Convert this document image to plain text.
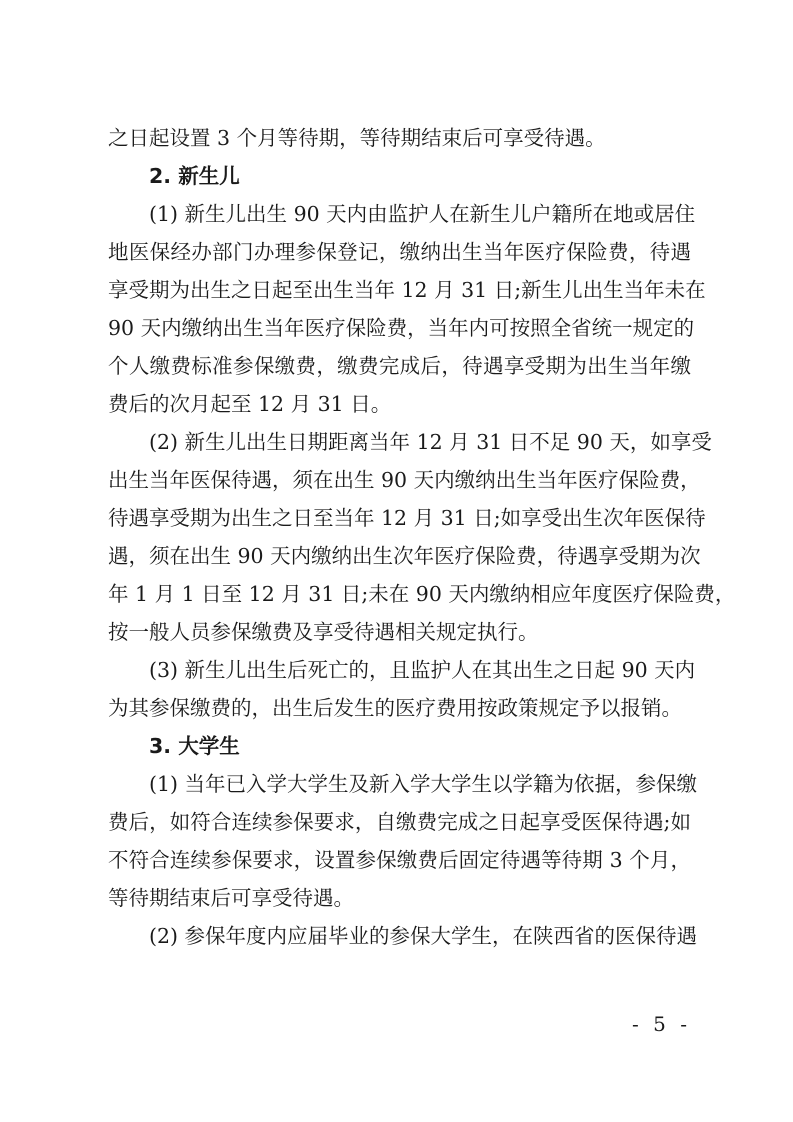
之日起设置 3 个月等待期，等待期结束后可享受待遇。
2. 新生儿
(1) 新生儿出生 90 天内由监护人在新生儿户籍所在地或居住
地医保经办部门办理参保登记，缴纳出生当年医疗保险费，待遇
享受期为出生之日起至出生当年 12 月 31 日;新生儿出生当年未在
90 天内缴纳出生当年医疗保险费，当年内可按照全省统一规定的
个人缴费标准参保缴费，缴费完成后，待遇享受期为出生当年缴
费后的次月起至 12 月 31 日。
(2) 新生儿出生日期距离当年 12 月 31 日不足 90 天，如享受
出生当年医保待遇，须在出生 90 天内缴纳出生当年医疗保险费，
待遇享受期为出生之日至当年 12 月 31 日;如享受出生次年医保待
遇，须在出生 90 天内缴纳出生次年医疗保险费，待遇享受期为次
年 1 月 1 日至 12 月 31 日;未在 90 天内缴纳相应年度医疗保险费，
按一般人员参保缴费及享受待遇相关规定执行。
(3) 新生儿出生后死亡的，且监护人在其出生之日起 90 天内
为其参保缴费的，出生后发生的医疗费用按政策规定予以报销。
3. 大学生
(1) 当年已入学大学生及新入学大学生以学籍为依据，参保缴
费后，如符合连续参保要求，自缴费完成之日起享受医保待遇;如
不符合连续参保要求，设置参保缴费后固定待遇等待期 3 个月，
等待期结束后可享受待遇。
(2) 参保年度内应届毕业的参保大学生，在陕西省的医保待遇
- 5 -
